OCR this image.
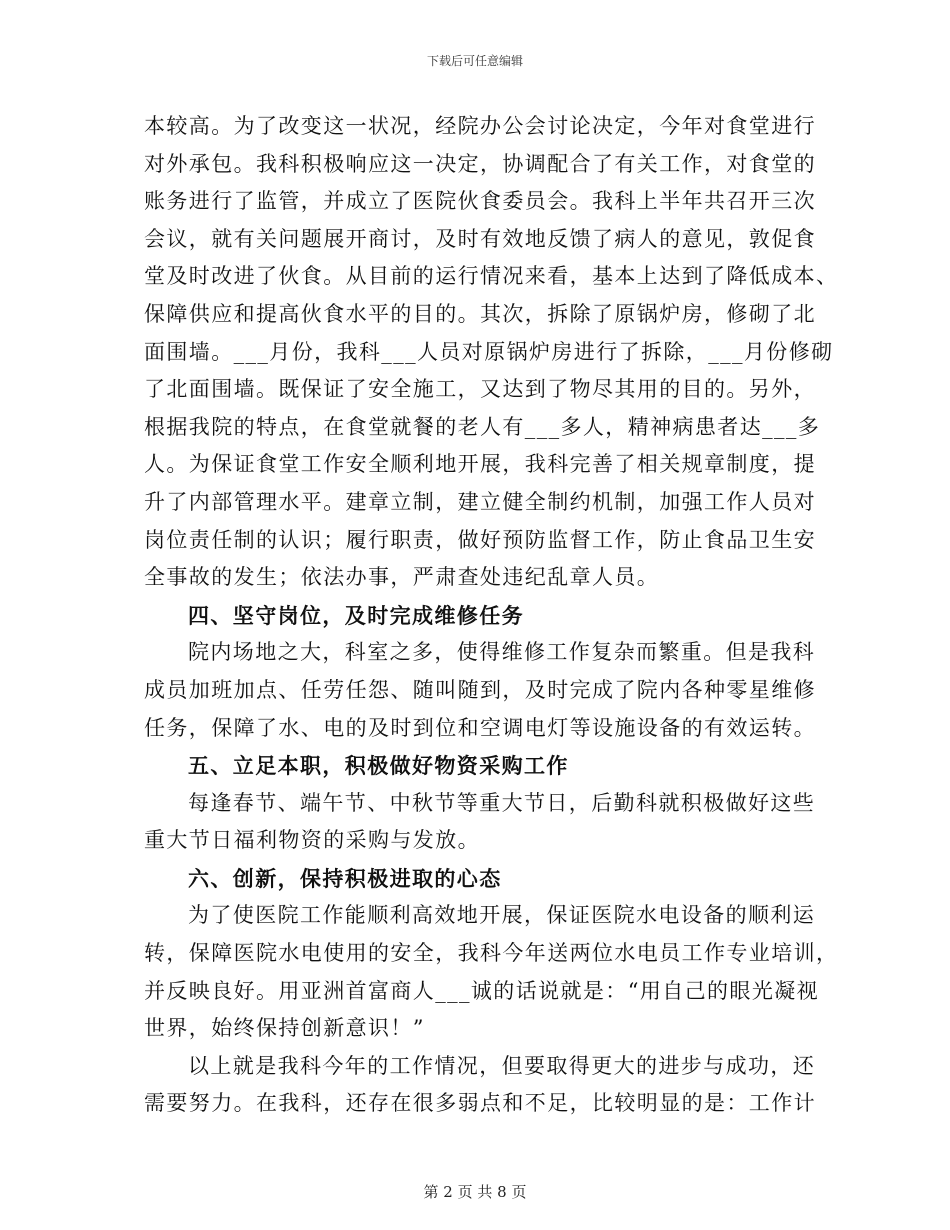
下载后可任意编辑
本较高。为了改变这一状况，经院办公会讨论决定，今年对食堂进行
对外承包。我科积极响应这一决定，协调配合了有关工作，对食堂的
账务进行了监管，并成立了医院伙食委员会。我科上半年共召开三次
会议，就有关问题展开商讨，及时有效地反馈了病人的意见，敦促食
堂及时改进了伙食。从目前的运行情况来看，基本上达到了降低成本、
保障供应和提高伙食水平的目的。其次，拆除了原锅炉房，修砌了北
面围墙。___月份，我科___人员对原锅炉房进行了拆除，___月份修砌
了北面围墙。既保证了安全施工，又达到了物尽其用的目的。另外，
根据我院的特点，在食堂就餐的老人有___多人，精神病患者达___多
人。为保证食堂工作安全顺利地开展，我科完善了相关规章制度，提
升了内部管理水平。建章立制，建立健全制约机制，加强工作人员对
岗位责任制的认识；履行职责，做好预防监督工作，防止食品卫生安
全事故的发生；依法办事，严肃查处违纪乱章人员。
四、坚守岗位，及时完成维修任务
院内场地之大，科室之多，使得维修工作复杂而繁重。但是我科
成员加班加点、任劳任怨、随叫随到，及时完成了院内各种零星维修
任务，保障了水、电的及时到位和空调电灯等设施设备的有效运转。
五、立足本职，积极做好物资采购工作
每逢春节、端午节、中秋节等重大节日，后勤科就积极做好这些
重大节日福利物资的采购与发放。
六、创新，保持积极进取的心态
为了使医院工作能顺利高效地开展，保证医院水电设备的顺利运
转，保障医院水电使用的安全，我科今年送两位水电员工作专业培训，
并反映良好。用亚洲首富商人___诚的话说就是：“用自己的眼光凝视
世界，始终保持创新意识！”
以上就是我科今年的工作情况，但要取得更大的进步与成功，还
需要努力。在我科，还存在很多弱点和不足，比较明显的是：工作计
第 2 页 共 8 页
